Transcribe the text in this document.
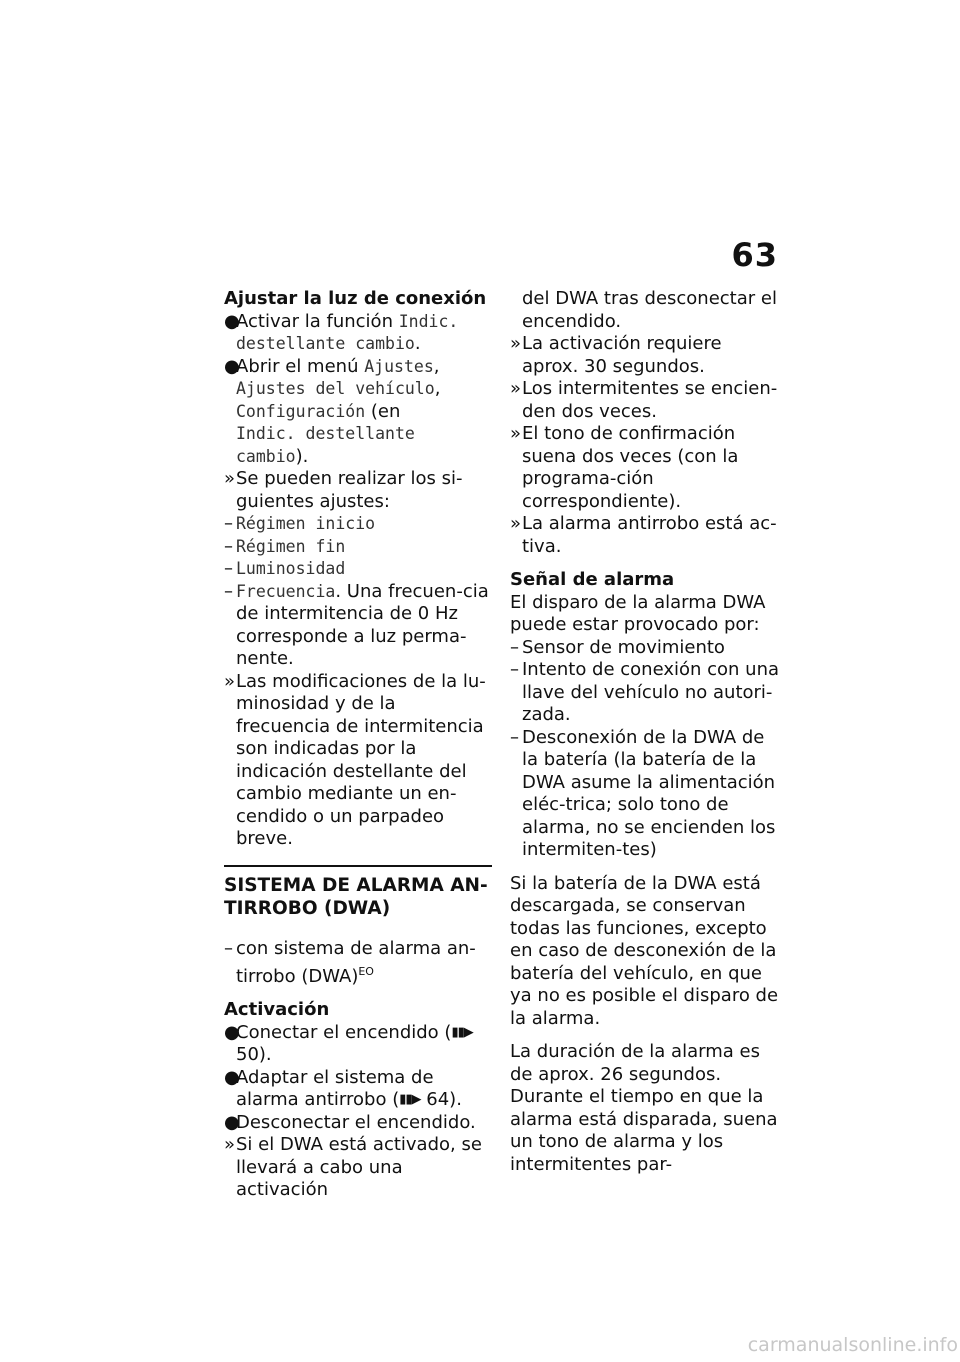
63

Ajustar la luz de conexión

●
Activar la función Indic.
destellante cambio.

●
Abrir el menú Ajustes,
Ajustes del vehículo,
Configuración (en
Indic. destellante
cambio).

» Se pueden realizar los si-guientes ajustes:

– Régimen inicio

– Régimen fin

– Luminosidad

– Frecuencia. Una frecuen-cia de intermitencia de 0 Hz corresponde a luz perma-nente.

» Las modificaciones de la lu-minosidad y de la frecuencia de intermitencia son indicadas por la indicación destellante del cambio mediante un en-cendido o un parpadeo breve.

SISTEMA DE ALARMA AN-TIRROBO (DWA)

– con sistema de alarma an-tirrobo (DWA)$^{EO}$

Activación

●
Conectar el encendido (▮▮▶ 50).

●
Adaptar el sistema de alarma antirrobo (▮▮▶ 64).

●
Desconectar el encendido.

» Si el DWA está activado, se llevará a cabo una activación

del DWA tras desconectar el encendido.

» La activación requiere aprox. 30 segundos.

» Los intermitentes se encien-den dos veces.

» El tono de confirmación suena dos veces (con la programa-ción correspondiente).

» La alarma antirrobo está ac-tiva.

Señal de alarma

El disparo de la alarma DWA puede estar provocado por:

– Sensor de movimiento

– Intento de conexión con una llave del vehículo no autori-zada.

– Desconexión de la DWA de la batería (la batería de la DWA asume la alimentación eléc-trica; solo tono de alarma, no se encienden los intermiten-tes)

Si la batería de la DWA está descargada, se conservan todas las funciones, excepto en caso de desconexión de la batería del vehículo, en que ya no es posible el disparo de la alarma.

La duración de la alarma es de aprox. 26 segundos. Durante el tiempo en que la alarma está disparada, suena un tono de alarma y los intermitentes par-

carmanualsonline.info
